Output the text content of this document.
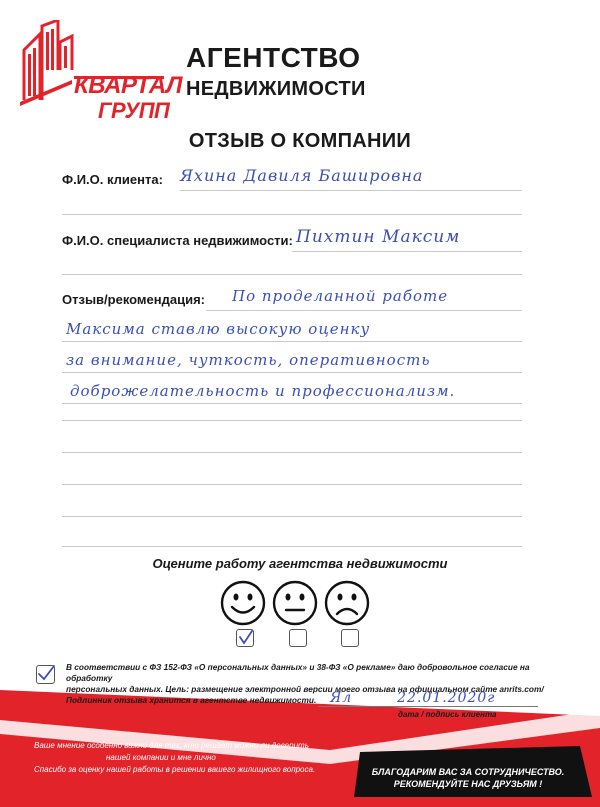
КВАРТАЛ
ГРУПП
АГЕНТСТВО
НЕДВИЖИМОСТИ
ОТЗЫВ О КОМПАНИИ
Ф.И.О. клиента: Яхина Давиля Башировна
Ф.И.О. специалиста недвижимости: Пихтин Максим
Отзыв/рекомендация: По проделанной работе
Максима ставлю высокую оценку
за внимание, чуткость, оперативность
доброжелательность и профессионализм.
Оцените работу агентства недвижимости
В соответствии с ФЗ 152-ФЗ «О персональных данных» и 38-ФЗ «О рекламе» даю добровольное согласие на обработку
персональных данных. Цель: размещение электронной версии моего отзыва на официальном сайте anrits.com/
Подлинник отзыва хранится в агентстве недвижимости. Ял	22.01.2020г
дата / подпись клиента
Ваше мнение особенно важно для тех, кто решает можно ли доверить
нашей компании и мне лично
Спасибо за оценку нашей работы в решении вашего жилищного вопроса.	БЛАГОДАРИМ ВАС ЗА СОТРУДНИЧЕСТВО.
РЕКОМЕНДУЙТЕ НАС ДРУЗЬЯМ !
